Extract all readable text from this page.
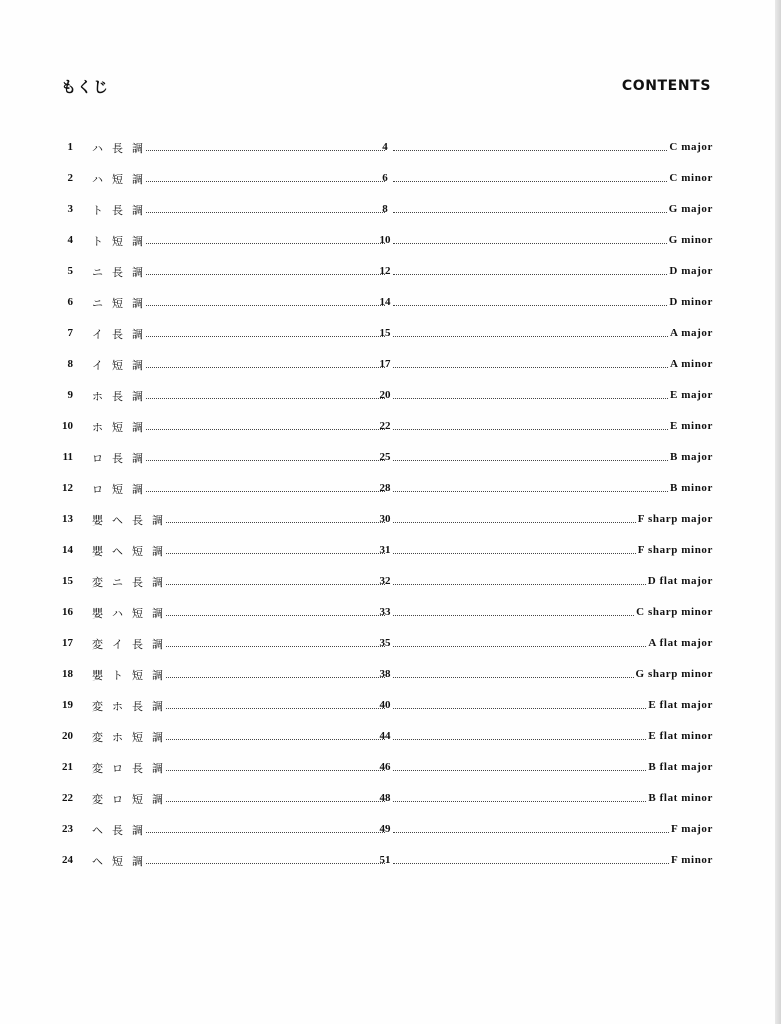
もくじ	CONTENTS
1 ハ長調	4	C major
2 ハ短調	6	C minor
3 ト長調	8	G major
4 ト短調	10	G minor
5 ニ長調	12	D major
6 ニ短調	14	D minor
7 イ長調	15	A major
8 イ短調	17	A minor
9 ホ長調	20	E major
10 ホ短調	22	E minor
11 ロ長調	25	B major
12 ロ短調	28	B minor
13 嬰ヘ長調	30	F sharp major
14 嬰ヘ短調	31	F sharp minor
15 変ニ長調	32	D flat major
16 嬰ハ短調	33	C sharp minor
17 変イ長調	35	A flat major
18 嬰ト短調	38	G sharp minor
19 変ホ長調	40	E flat major
20 変ホ短調	44	E flat minor
21 変ロ長調	46	B flat major
22 変ロ短調	48	B flat minor
23 ヘ長調	49	F major
24 ヘ短調	51	F minor
